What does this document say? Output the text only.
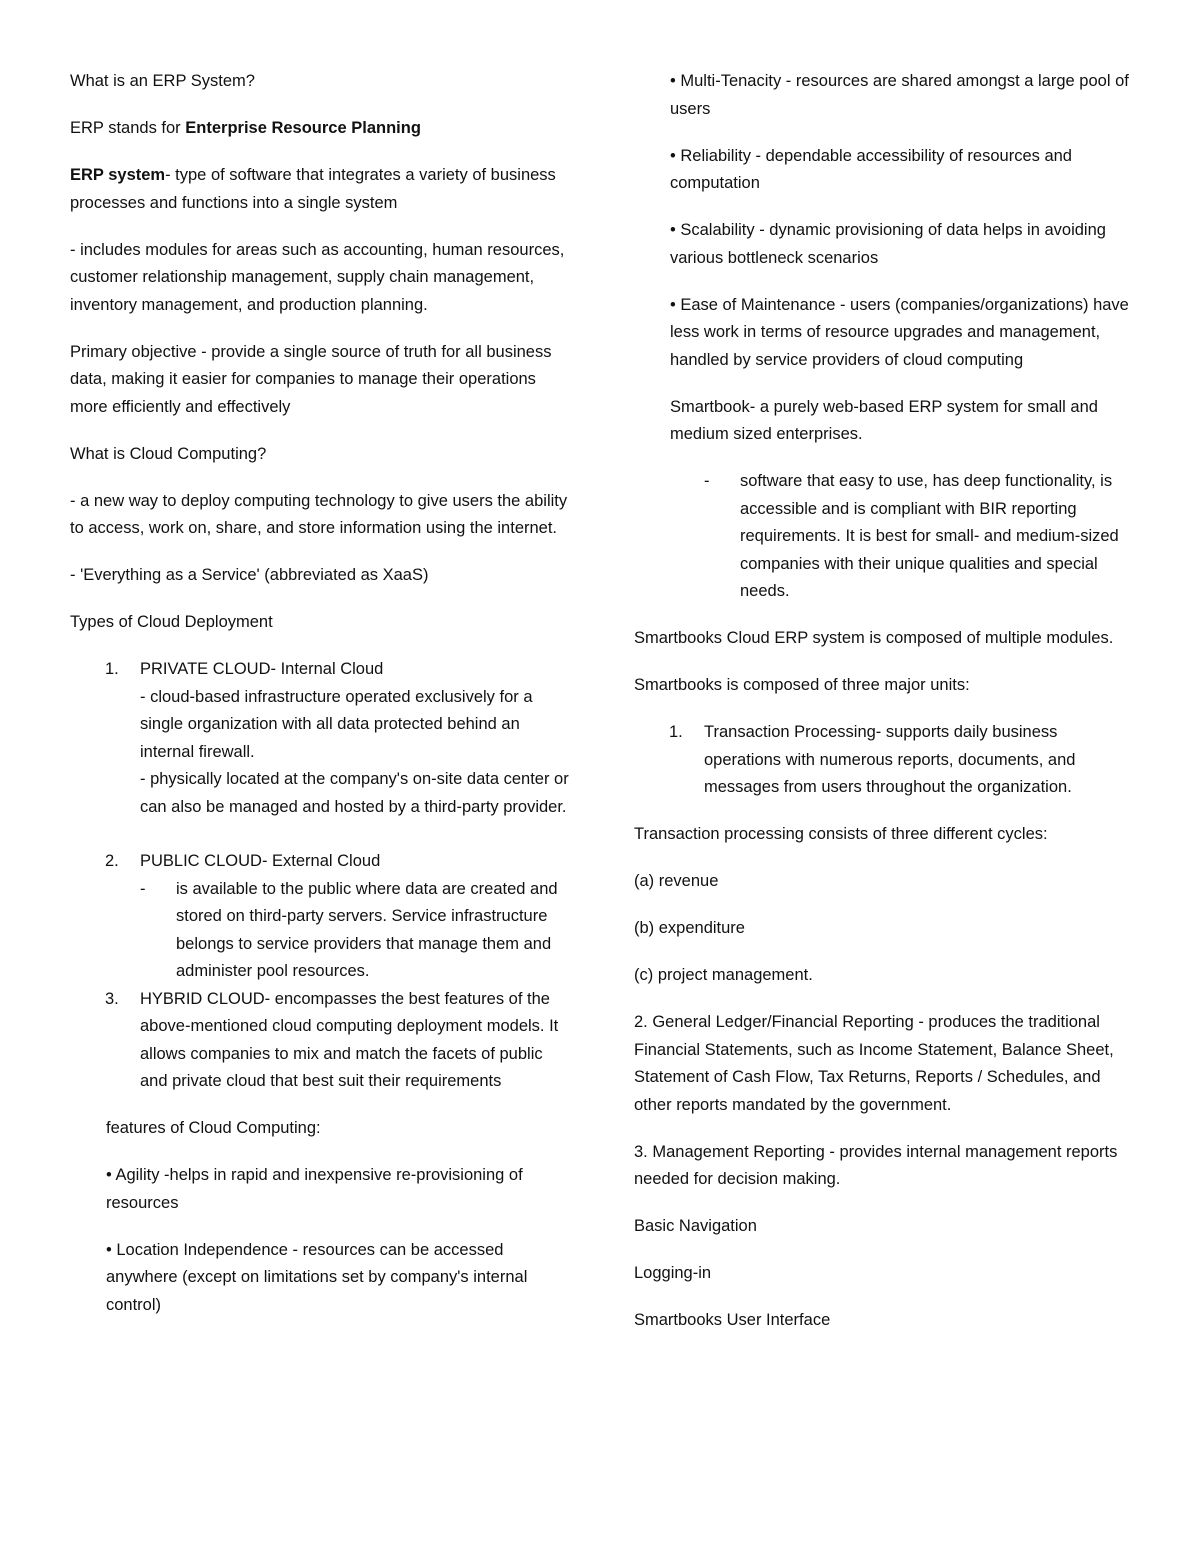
What is an ERP System?

ERP stands for Enterprise Resource Planning

ERP system- type of software that integrates a variety of business processes and functions into a single system

- includes modules for areas such as accounting, human resources, customer relationship management, supply chain management, inventory management, and production planning.

Primary objective - provide a single source of truth for all business data, making it easier for companies to manage their operations more efficiently and effectively

What is Cloud Computing?

- a new way to deploy computing technology to give users the ability to access, work on, share, and store information using the internet.

- 'Everything as a Service' (abbreviated as XaaS)

Types of Cloud Deployment

1. PRIVATE CLOUD- Internal Cloud
- cloud-based infrastructure operated exclusively for a single organization with all data protected behind an internal firewall.
- physically located at the company's on-site data center or can also be managed and hosted by a third-party provider.
2. PUBLIC CLOUD- External Cloud
- is available to the public where data are created and stored on third-party servers. Service infrastructure belongs to service providers that manage them and administer pool resources.
3. HYBRID CLOUD- encompasses the best features of the above-mentioned cloud computing deployment models. It allows companies to mix and match the facets of public and private cloud that best suit their requirements

features of Cloud Computing:

• Agility -helps in rapid and inexpensive re-provisioning of resources

• Location Independence - resources can be accessed anywhere (except on limitations set by company's internal control)

• Multi-Tenacity - resources are shared amongst a large pool of users

• Reliability - dependable accessibility of resources and computation

• Scalability - dynamic provisioning of data helps in avoiding various bottleneck scenarios

• Ease of Maintenance - users (companies/organizations) have less work in terms of resource upgrades and management, handled by service providers of cloud computing

Smartbook- a purely web-based ERP system for small and medium sized enterprises.

- software that easy to use, has deep functionality, is accessible and is compliant with BIR reporting requirements. It is best for small- and medium-sized companies with their unique qualities and special needs.

Smartbooks Cloud ERP system is composed of multiple modules.

Smartbooks is composed of three major units:

1. Transaction Processing- supports daily business operations with numerous reports, documents, and messages from users throughout the organization.

Transaction processing consists of three different cycles:

(a) revenue

(b) expenditure

(c) project management.

2. General Ledger/Financial Reporting - produces the traditional Financial Statements, such as Income Statement, Balance Sheet, Statement of Cash Flow, Tax Returns, Reports / Schedules, and other reports mandated by the government.

3. Management Reporting - provides internal management reports needed for decision making.

Basic Navigation

Logging-in

Smartbooks User Interface
